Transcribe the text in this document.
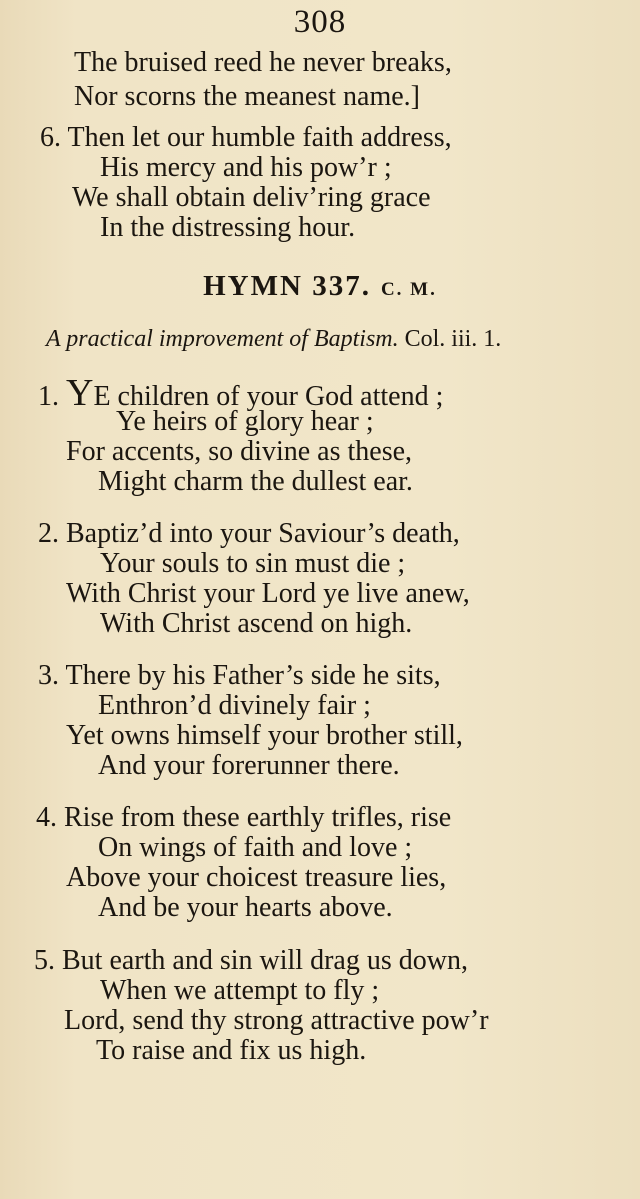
308
The bruised reed he never breaks,
Nor scorns the meanest name.]
6. Then let our humble faith address,
His mercy and his pow’r ;
We shall obtain deliv’ring grace
In the distressing hour.
HYMN 337. C. M.
A practical improvement of Baptism. Col. iii. 1.
1. YE children of your God attend ;
Ye heirs of glory hear ;
For accents, so divine as these,
Might charm the dullest ear.
2. Baptiz’d into your Saviour’s death,
Your souls to sin must die ;
With Christ your Lord ye live anew,
With Christ ascend on high.
3. There by his Father’s side he sits,
Enthron’d divinely fair ;
Yet owns himself your brother still,
And your forerunner there.
4. Rise from these earthly trifles, rise
On wings of faith and love ;
Above your choicest treasure lies,
And be your hearts above.
5. But earth and sin will drag us down,
When we attempt to fly ;
Lord, send thy strong attractive pow’r
To raise and fix us high.
